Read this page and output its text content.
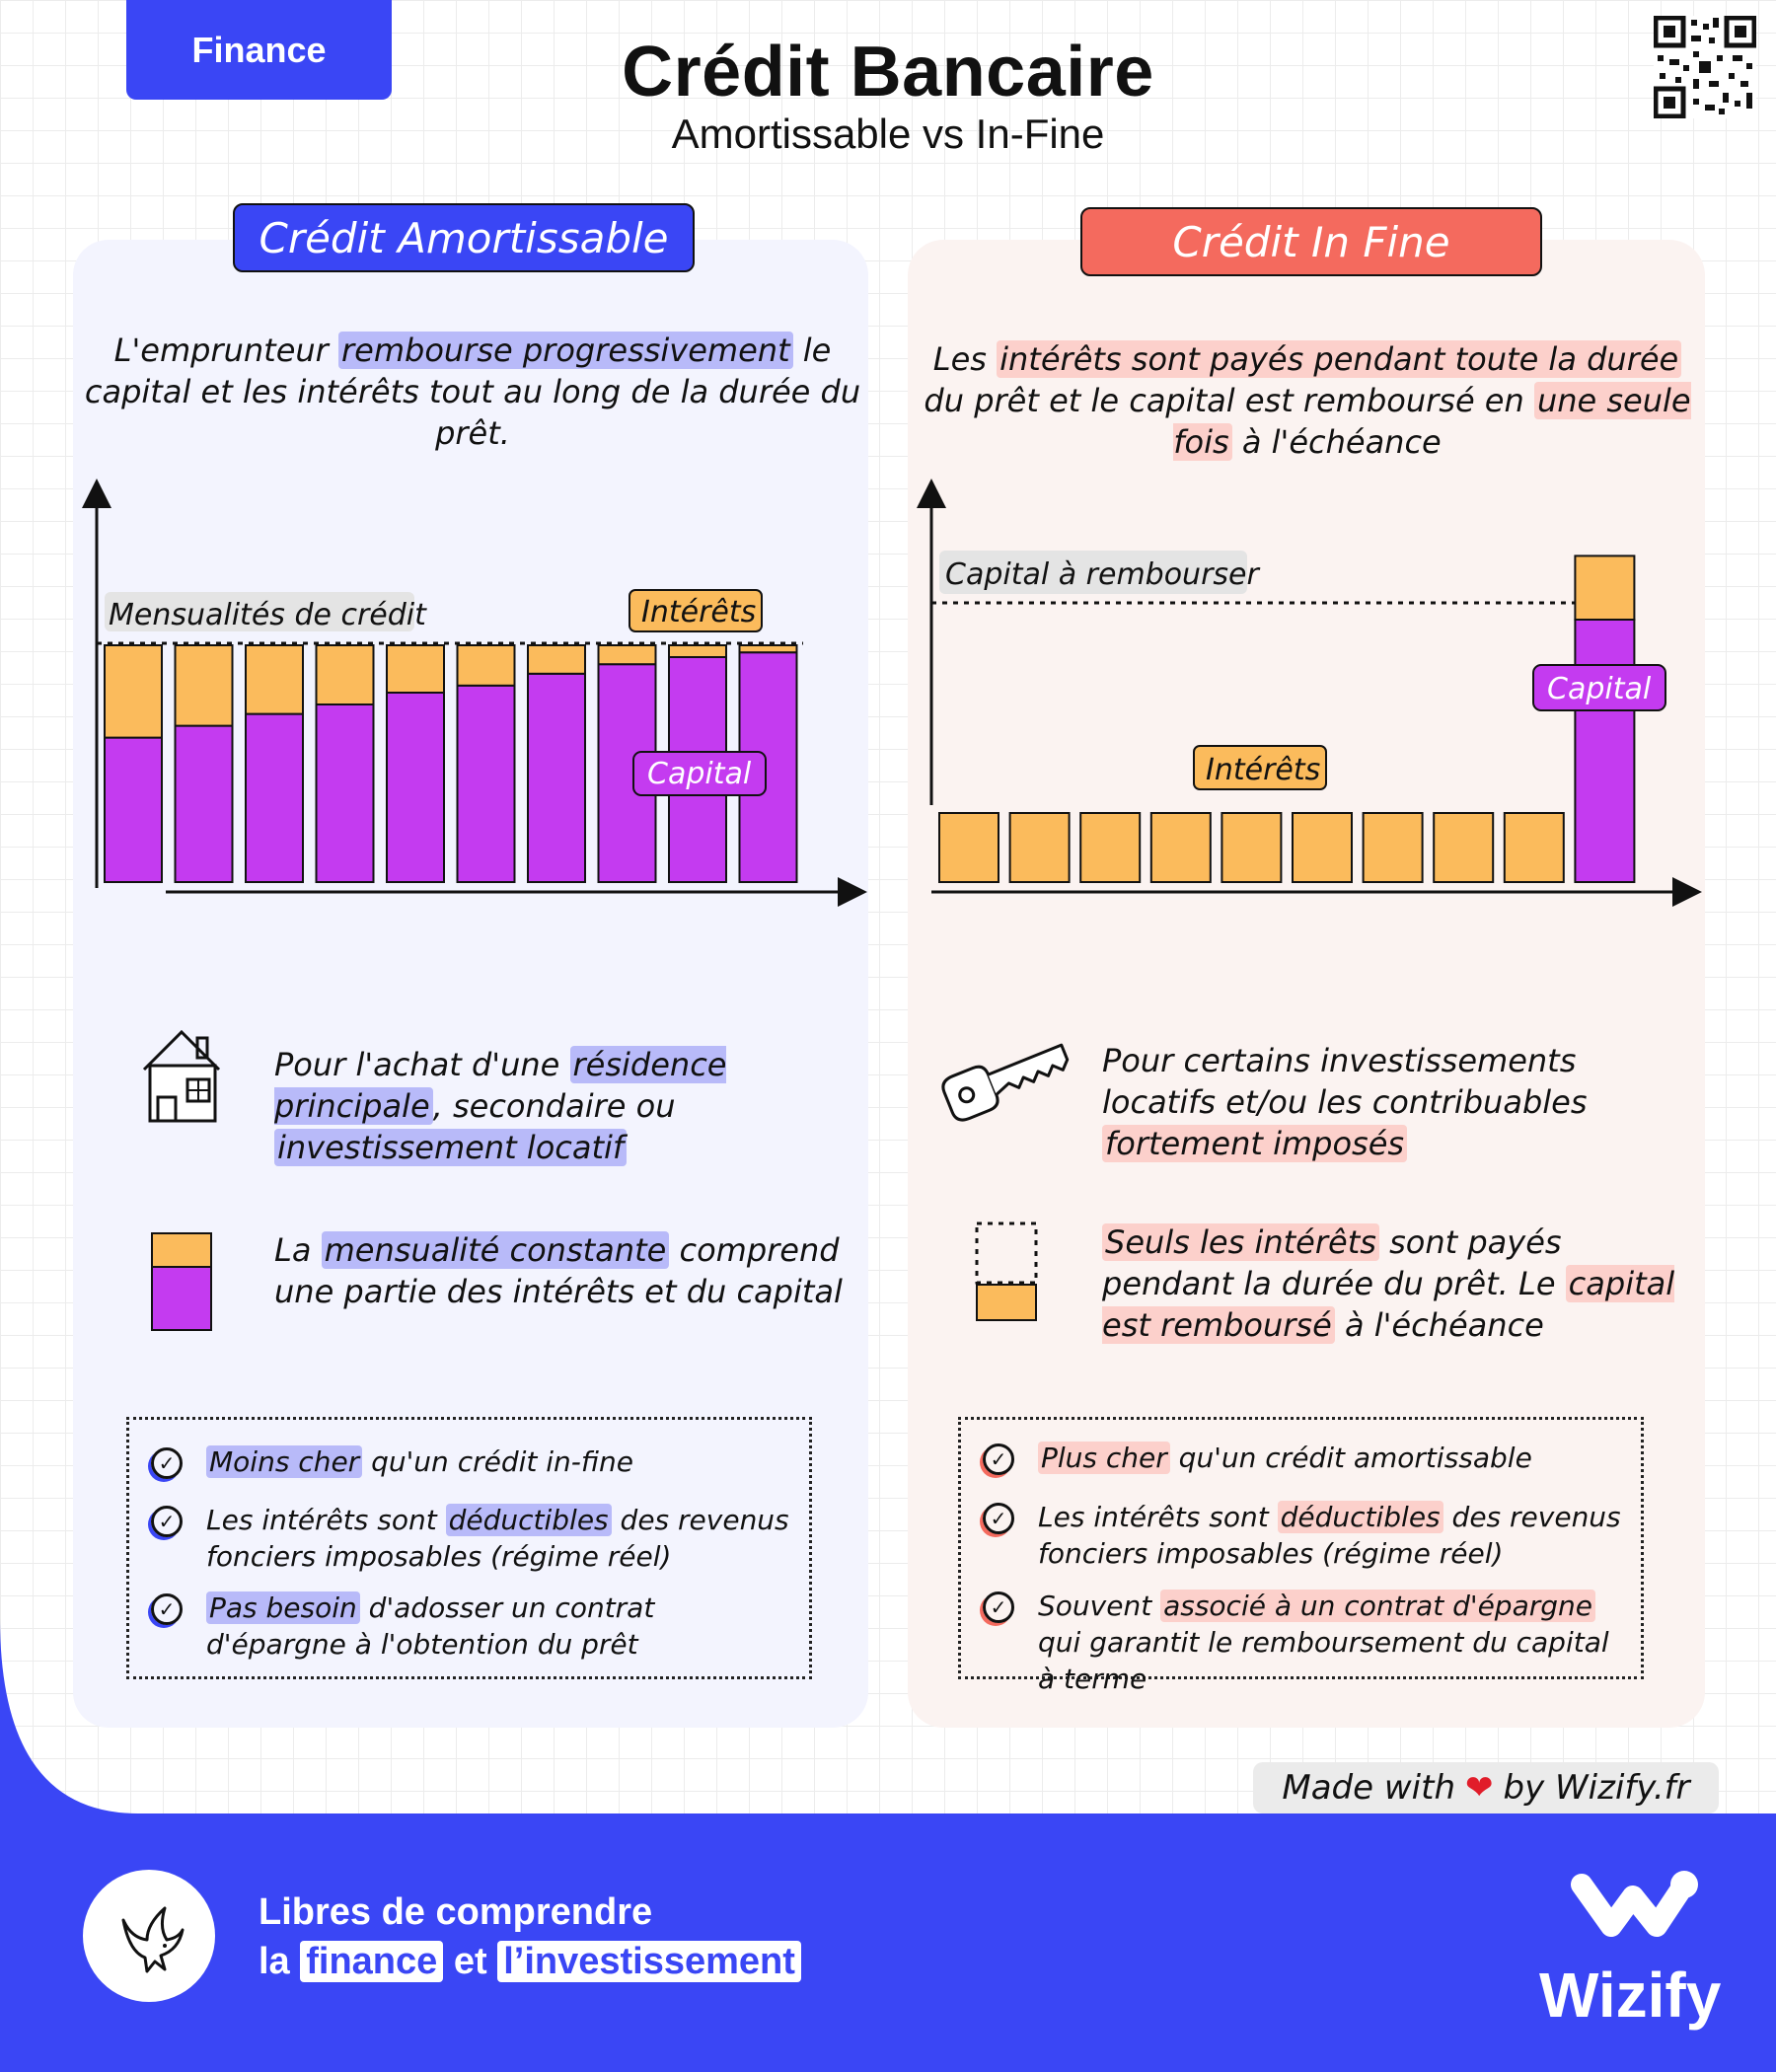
Finance	Crédit Bancaire
Amortissable vs In-Fine
Crédit Amortissable	Crédit In Fine
L'emprunteur rembourse progressivement le capital et les intérêts tout au long de la durée du prêt.
Les intérêts sont payés pendant toute la durée du prêt et le capital est remboursé en une seule fois à l'échéance
Mensualités de crédit	Intérêts
Capital
Capital à rembourser
Intérêts
Capital
Pour l'achat d'une résidence principale, secondaire ou investissement locatif
La mensualité constante comprend une partie des intérêts et du capital
Pour certains investissements locatifs et/ou les contribuables fortement imposés
Seuls les intérêts sont payés pendant la durée du prêt. Le capital est remboursé à l'échéance
✓ Moins cher qu'un crédit in-fine
✓ Les intérêts sont déductibles des revenus fonciers imposables (régime réel)
✓ Pas besoin d'adosser un contrat d'épargne à l'obtention du prêt
✓ Plus cher qu'un crédit amortissable
✓ Les intérêts sont déductibles des revenus fonciers imposables (régime réel)
✓ Souvent associé à un contrat d'épargne qui garantit le remboursement du capital à terme
Made with ❤ by Wizify.fr
Libres de comprendre
la finance et l’investissement	Wizify
